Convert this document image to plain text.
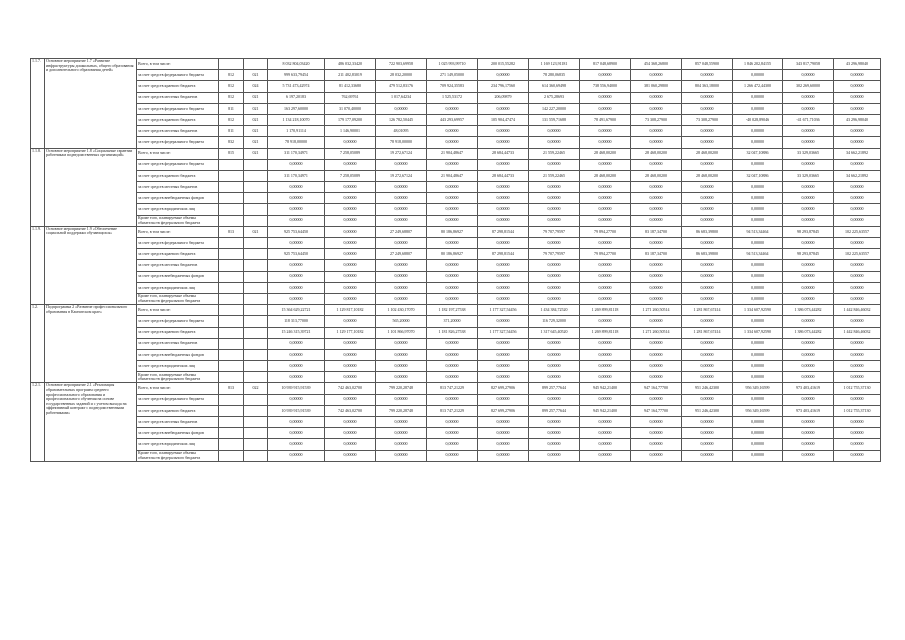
1.1.7.	Основное мероприятие 1.7 «Развитие инфраструктуры дошкольных, общего образования и дополнительного образования детей»	Всего, в том числе:			8 032 804,03420	486 032,33420	722 903,69958	1 025 993,99710	200 015,55282	1 169 123,91181	817 048,68900	454 368,26800	857 048,55900	1 846 202,84155	343 817,79058	43 296,98040
		за счет средств федерального бюджета	812	021	999 633,79454	211 402,83019	28 032,20000	271 149,05000	0,00000	78 280,06835	0,00000	0,00000	0,00000	0,00000	0,00000	0,00000
		за счет средств краевого бюджета	812	024	5 731 473,42974	81 412,33680	479 512,83176	709 924,35583	234 796,17560	614 360,69498	738 556,94000	381 060,29800	804 363,18000	1 266 472,44300	302 269,60000	0,00000
		за счет средств местных бюджетов	812	021	6 197,20183	762,69761	1 017,64234	1 525,53172	206,09879	2 675,28693	0,00000	0,00000	0,00000	0,00000	0,00000	0,00000
		за счет средств федерального бюджета	811	021	163 297,60000	31 070,40000	0,00000	0,00000	0,00000	142 227,20000	0,00000	0,00000	0,00000	0,00000	0,00000	0,00000
		за счет средств краевого бюджета	812	021	1 134 218,10070	179 177,09200	126 782,50445	443 293,69957	105 904,47474	131 559,71688	78 491,67900	73 308,27900	73 308,27900	-40 028,89046	-41 671,71036	43 296,98040
		за счет средств местных бюджетов	811	021	1 170,91114	1 146,90001	48,01095	0,00000	0,00000	0,00000	0,00000	0,00000	0,00000	0,00000	0,00000	0,00000
		за счет средств федерального бюджета	832	021	78 918,00000	0,00000	78 918,00000	0,00000	0,00000	0,00000	0,00000	0,00000	0,00000	0,00000	0,00000	0,00000
1.1.8.	Основное мероприятие 1.8 «Социальные гарантии работникам подведомственных организаций»	Всего, в том числе:	815	021	311 170,34971	7 258,05089	19 272,67124	21 904,48647	28 684,44733	21 559,22465	28 468,00200	28 468,00200	28 468,00200	32 047,10886	33 329,03665	34 662,21892
		за счет средств федерального бюджета			0,00000	0,00000	0,00000	0,00000	0,00000	0,00000	0,00000	0,00000	0,00000	0,00000	0,00000	0,00000
		за счет средств краевого бюджета			311 170,34971	7 258,05089	19 272,67124	21 904,48647	28 684,44733	21 559,22465	28 468,00200	28 468,00200	28 468,00200	32 047,10886	33 329,03665	34 662,21892
		за счет средств местных бюджетов			0,00000	0,00000	0,00000	0,00000	0,00000	0,00000	0,00000	0,00000	0,00000	0,00000	0,00000	0,00000
		за счет средств внебюджетных фондов			0,00000	0,00000	0,00000	0,00000	0,00000	0,00000	0,00000	0,00000	0,00000	0,00000	0,00000	0,00000
		за счет средств юридических лиц			0,00000	0,00000	0,00000	0,00000	0,00000	0,00000	0,00000	0,00000	0,00000	0,00000	0,00000	0,00000
		Кроме того, планируемые объемы обязательств федерального бюджета			0,00000	0,00000	0,00000	0,00000	0,00000	0,00000	0,00000	0,00000	0,00000	0,00000	0,00000	0,00000
1.1.9.	Основное мероприятие 1.9 «Обеспечение социальной поддержки обучающихся»	Всего, в том числе:	813	021	925 753,64450	0,00000	27 249,68807	80 186,86927	87 298,81544	79 707,79597	79 894,27700	83 187,34700	86 683,39800	94 513,34464	98 293,87845	102 225,63557
		за счет средств федерального бюджета			0,00000	0,00000	0,00000	0,00000	0,00000	0,00000	0,00000	0,00000	0,00000	0,00000	0,00000	0,00000
		за счет средств краевого бюджета			925 753,64450	0,00000	27 249,68807	80 186,86927	87 298,81544	79 707,79597	79 894,27700	83 187,34700	86 683,39800	94 513,34464	98 293,87845	102 225,63557
		за счет средств местных бюджетов			0,00000	0,00000	0,00000	0,00000	0,00000	0,00000	0,00000	0,00000	0,00000	0,00000	0,00000	0,00000
		за счет средств внебюджетных фондов			0,00000	0,00000	0,00000	0,00000	0,00000	0,00000	0,00000	0,00000	0,00000	0,00000	0,00000	0,00000
		за счет средств юридических лиц			0,00000	0,00000	0,00000	0,00000	0,00000	0,00000	0,00000	0,00000	0,00000	0,00000	0,00000	0,00000
		Кроме того, планируемые объемы обязательств федерального бюджета			0,00000	0,00000	0,00000	0,00000	0,00000	0,00000	0,00000	0,00000	0,00000	0,00000	0,00000	0,00000
1.2.	Подпрограмма 2 «Развитие профессионального образования в Камчатском крае»	Всего, в том числе:			15 364 629,22721	1 129 817,10182	1 102 430,17070	1 182 197,27538	1 177 327,54456	1 434 384,72520	1 269 899,81118	1 271 260,50514	1 281 867,67414	1 334 607,92590	1 386 073,44282	1 442 846,46032
		за счет средств федерального бюджета			118 313,77000	0,00000	565,20000	371,20000	0,00000	116 729,32000	0,00000	0,00000	0,00000	0,00000	0,00000	0,00000
		за счет средств краевого бюджета			15 246 315,39721	1 129 177,10182	1 101 866,97070	1 181 826,27538	1 177 327,54456	1 317 645,40520	1 269 899,81118	1 271 260,50514	1 281 867,67414	1 334 607,92590	1 386 073,44282	1 442 846,46032
		за счет средств местных бюджетов			0,00000	0,00000	0,00000	0,00000	0,00000	0,00000	0,00000	0,00000	0,00000	0,00000	0,00000	0,00000
		за счет средств внебюджетных фондов			0,00000	0,00000	0,00000	0,00000	0,00000	0,00000	0,00000	0,00000	0,00000	0,00000	0,00000	0,00000
		за счет средств юридических лиц			0,00000	0,00000	0,00000	0,00000	0,00000	0,00000	0,00000	0,00000	0,00000	0,00000	0,00000	0,00000
		Кроме того, планируемые объемы обязательств федерального бюджета			0,00000	0,00000	0,00000	0,00000	0,00000	0,00000	0,00000	0,00000	0,00000	0,00000	0,00000	0,00000
1.2.1.	Основное мероприятие 2.1 «Реализация образовательных программ среднего профессионального образования и профессионального обучения на основе государственных заданий и с учетом выхода на эффективный контракт с подведомственными работниками»	Всего, в том числе:	813	022	10 939 915,91539	742 463,02700	799 220,28748	813 747,21229	827 699,27906	899 257,77644	945 942,21400	947 164,77700	951 246,42300	956 349,16599	973 403,41619	1 012 755,37130
		за счет средств федерального бюджета			0,00000	0,00000	0,00000	0,00000	0,00000	0,00000	0,00000	0,00000	0,00000	0,00000	0,00000	0,00000
		за счет средств краевого бюджета			10 939 915,91539	742 463,02700	799 220,28748	813 747,21229	827 699,27906	899 257,77644	945 942,21400	947 164,77700	951 246,42300	956 349,16599	973 403,41619	1 012 755,37130
		за счет средств местных бюджетов			0,00000	0,00000	0,00000	0,00000	0,00000	0,00000	0,00000	0,00000	0,00000	0,00000	0,00000	0,00000
		за счет средств внебюджетных фондов			0,00000	0,00000	0,00000	0,00000	0,00000	0,00000	0,00000	0,00000	0,00000	0,00000	0,00000	0,00000
		за счет средств юридических лиц			0,00000	0,00000	0,00000	0,00000	0,00000	0,00000	0,00000	0,00000	0,00000	0,00000	0,00000	0,00000
		Кроме того, планируемые объемы обязательств федерального бюджета			0,00000	0,00000	0,00000	0,00000	0,00000	0,00000	0,00000	0,00000	0,00000	0,00000	0,00000	0,00000
